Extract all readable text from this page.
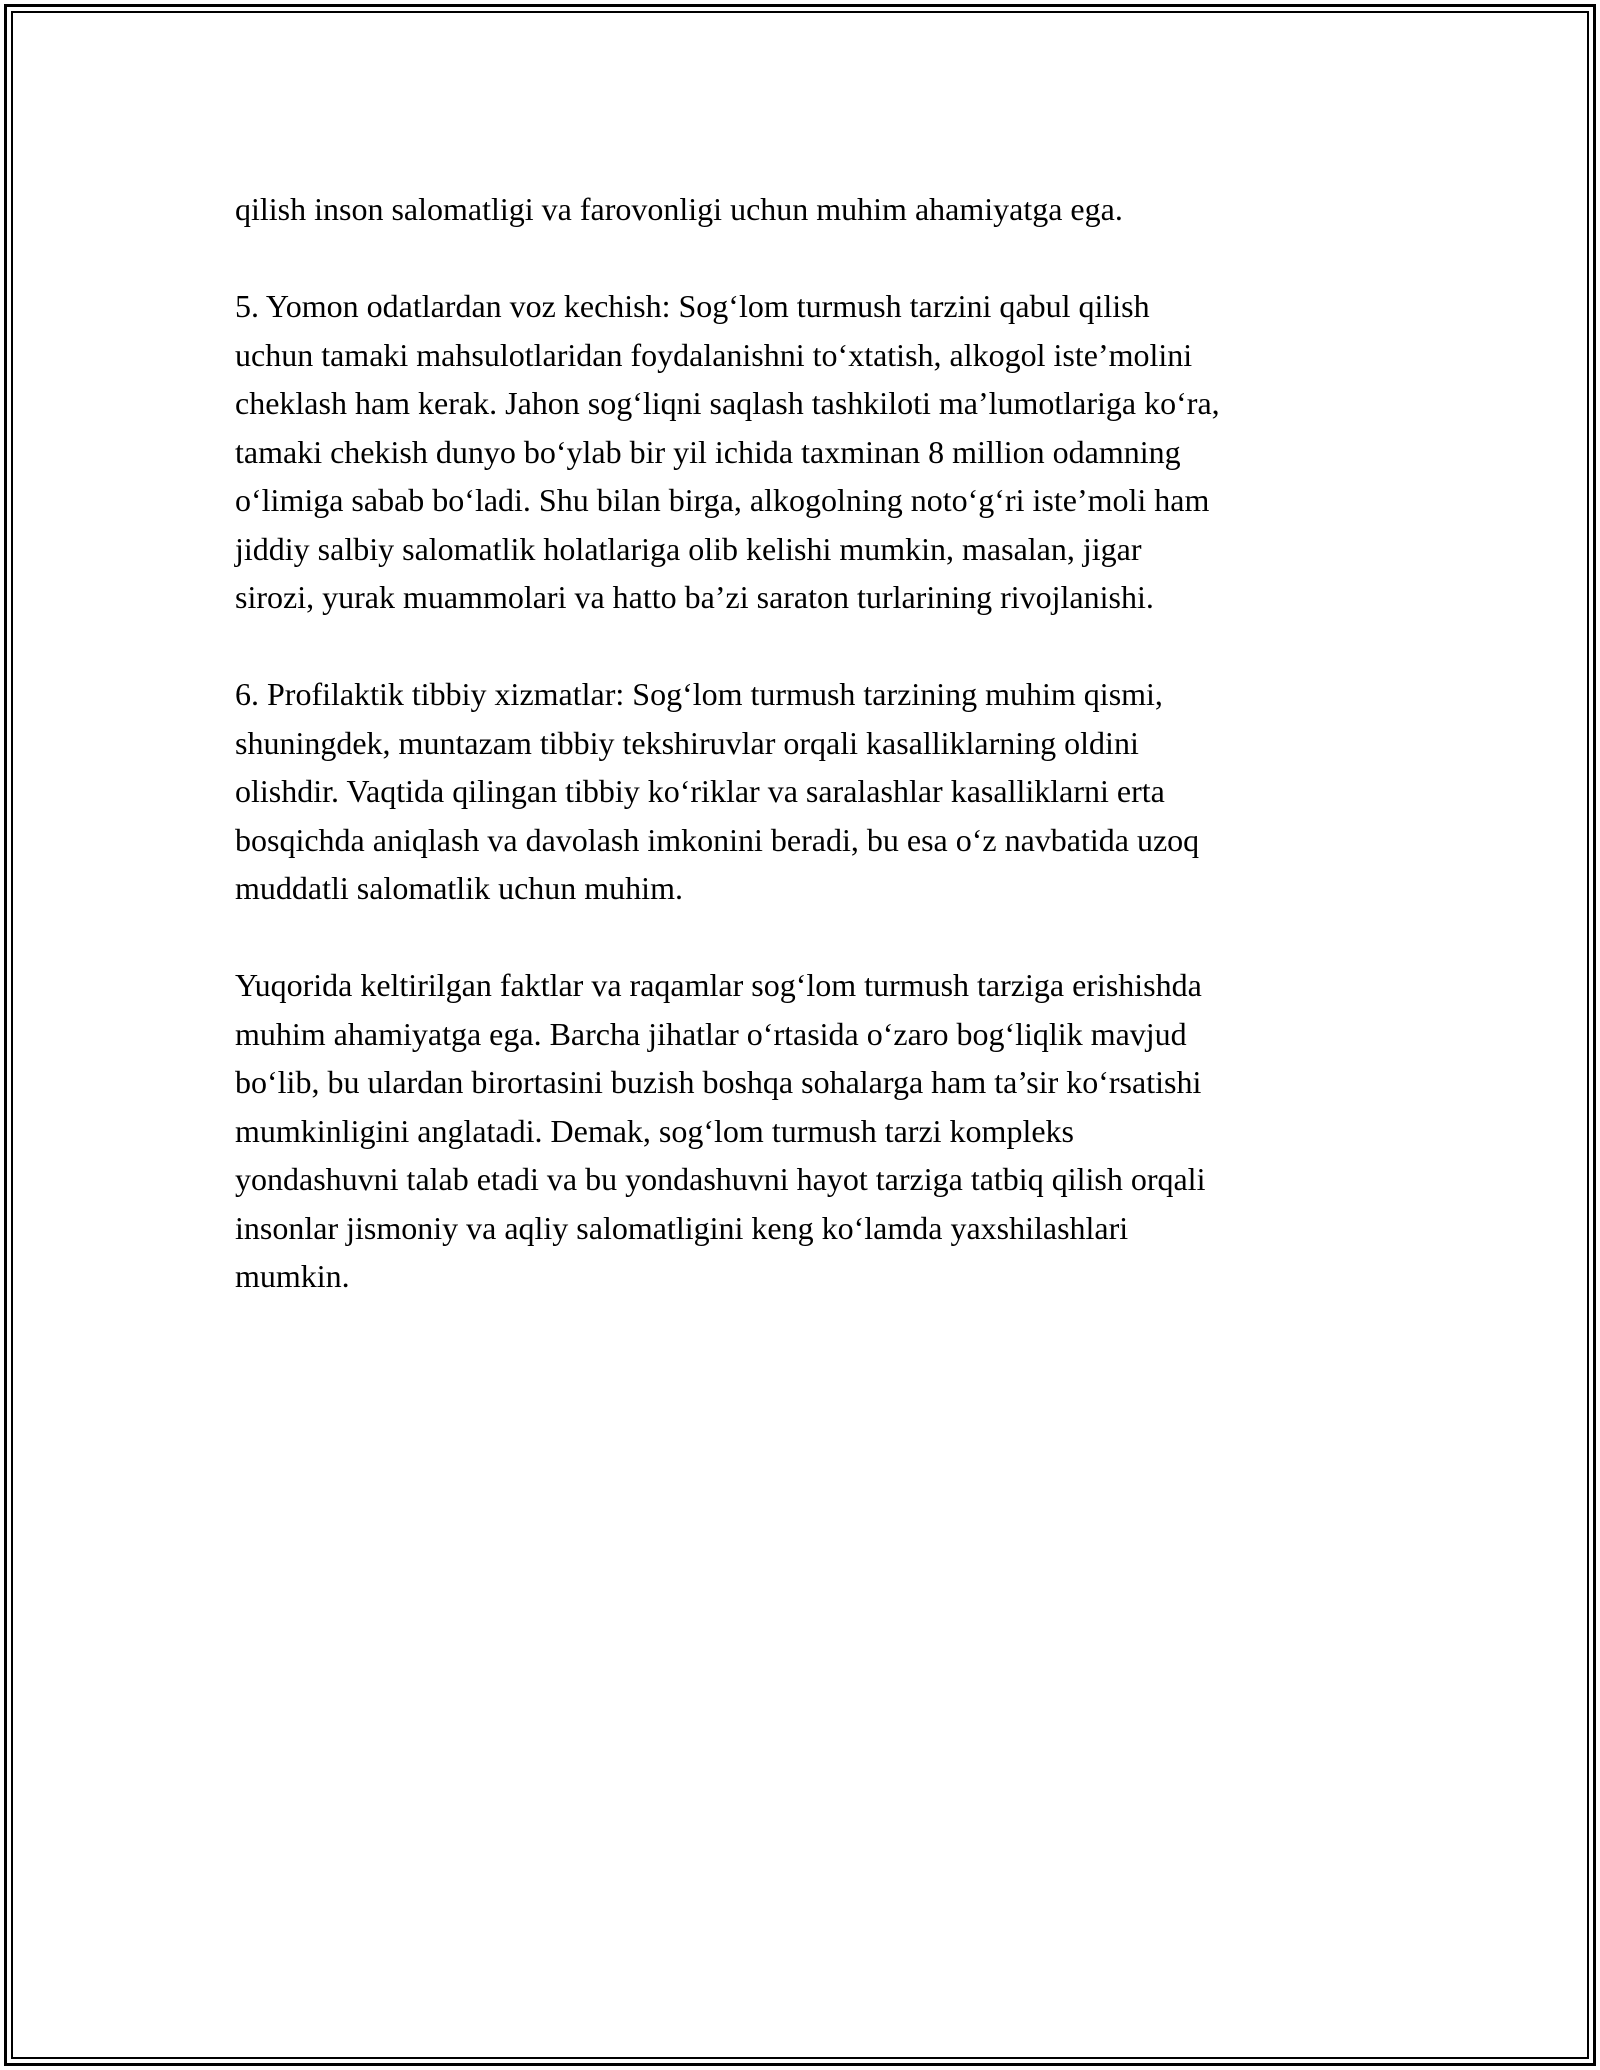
qilish inson salomatligi va farovonligi uchun muhim ahamiyatga ega.

5. Yomon odatlardan voz kechish: Sog‘lom turmush tarzini qabul qilish
uchun tamaki mahsulotlaridan foydalanishni to‘xtatish, alkogol iste’molini
cheklash ham kerak. Jahon sog‘liqni saqlash tashkiloti ma’lumotlariga ko‘ra,
tamaki chekish dunyo bo‘ylab bir yil ichida taxminan 8 million odamning
o‘limiga sabab bo‘ladi. Shu bilan birga, alkogolning noto‘g‘ri iste’moli ham
jiddiy salbiy salomatlik holatlariga olib kelishi mumkin, masalan, jigar
sirozi, yurak muammolari va hatto ba’zi saraton turlarining rivojlanishi.

6. Profilaktik tibbiy xizmatlar: Sog‘lom turmush tarzining muhim qismi,
shuningdek, muntazam tibbiy tekshiruvlar orqali kasalliklarning oldini
olishdir. Vaqtida qilingan tibbiy ko‘riklar va saralashlar kasalliklarni erta
bosqichda aniqlash va davolash imkonini beradi, bu esa o‘z navbatida uzoq
muddatli salomatlik uchun muhim.

Yuqorida keltirilgan faktlar va raqamlar sog‘lom turmush tarziga erishishda
muhim ahamiyatga ega. Barcha jihatlar o‘rtasida o‘zaro bog‘liqlik mavjud
bo‘lib, bu ulardan birortasini buzish boshqa sohalarga ham ta’sir ko‘rsatishi
mumkinligini anglatadi. Demak, sog‘lom turmush tarzi kompleks
yondashuvni talab etadi va bu yondashuvni hayot tarziga tatbiq qilish orqali
insonlar jismoniy va aqliy salomatligini keng ko‘lamda yaxshilashlari
mumkin.
